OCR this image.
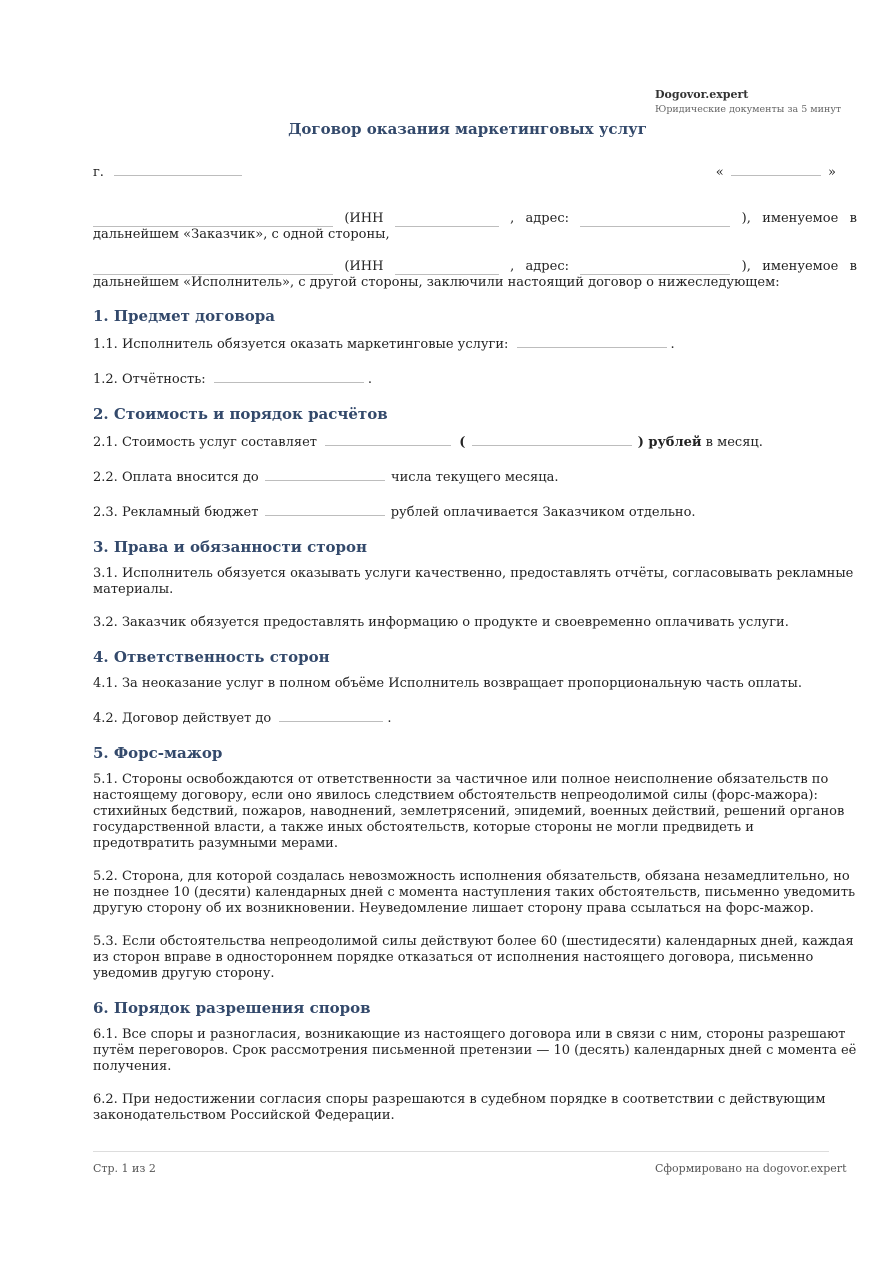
Dogovor.expert
Юридические документы за 5 минут
Договор оказания маркетинговых услуг
г.	«	»
(ИНН	, адрес:	), именуемое в
дальнейшем «Заказчик», с одной стороны,
(ИНН	, адрес:	), именуемое в
дальнейшем «Исполнитель», с другой стороны, заключили настоящий договор о нижеследующем:
1. Предмет договора

1.1. Исполнитель обязуется оказать маркетинговые услуги:	.

1.2. Отчётность:	.

2. Стоимость и порядок расчётов

2.1. Стоимость услуг составляет	(	) рублей в месяц.

2.2. Оплата вносится до	числа текущего месяца.

2.3. Рекламный бюджет	рублей оплачивается Заказчиком отдельно.

3. Права и обязанности сторон

3.1. Исполнитель обязуется оказывать услуги качественно, предоставлять отчёты, согласовывать рекламные материалы.

3.2. Заказчик обязуется предоставлять информацию о продукте и своевременно оплачивать услуги.

4. Ответственность сторон

4.1. За неоказание услуг в полном объёме Исполнитель возвращает пропорциональную часть оплаты.

4.2. Договор действует до	.

5. Форс-мажор

5.1. Стороны освобождаются от ответственности за частичное или полное неисполнение обязательств по настоящему договору, если оно явилось следствием обстоятельств непреодолимой силы (форс-мажора): стихийных бедствий, пожаров, наводнений, землетрясений, эпидемий, военных действий, решений органов государственной власти, а также иных обстоятельств, которые стороны не могли предвидеть и предотвратить разумными мерами.

5.2. Сторона, для которой создалась невозможность исполнения обязательств, обязана незамедлительно, но не позднее 10 (десяти) календарных дней с момента наступления таких обстоятельств, письменно уведомить другую сторону об их возникновении. Неуведомление лишает сторону права ссылаться на форс-мажор.

5.3. Если обстоятельства непреодолимой силы действуют более 60 (шестидесяти) календарных дней, каждая из сторон вправе в одностороннем порядке отказаться от исполнения настоящего договора, письменно уведомив другую сторону.

6. Порядок разрешения споров

6.1. Все споры и разногласия, возникающие из настоящего договора или в связи с ним, стороны разрешают путём переговоров. Срок рассмотрения письменной претензии — 10 (десять) календарных дней с момента её получения.

6.2. При недостижении согласия споры разрешаются в судебном порядке в соответствии с действующим законодательством Российской Федерации.

Стр. 1 из 2	Сформировано на dogovor.expert
